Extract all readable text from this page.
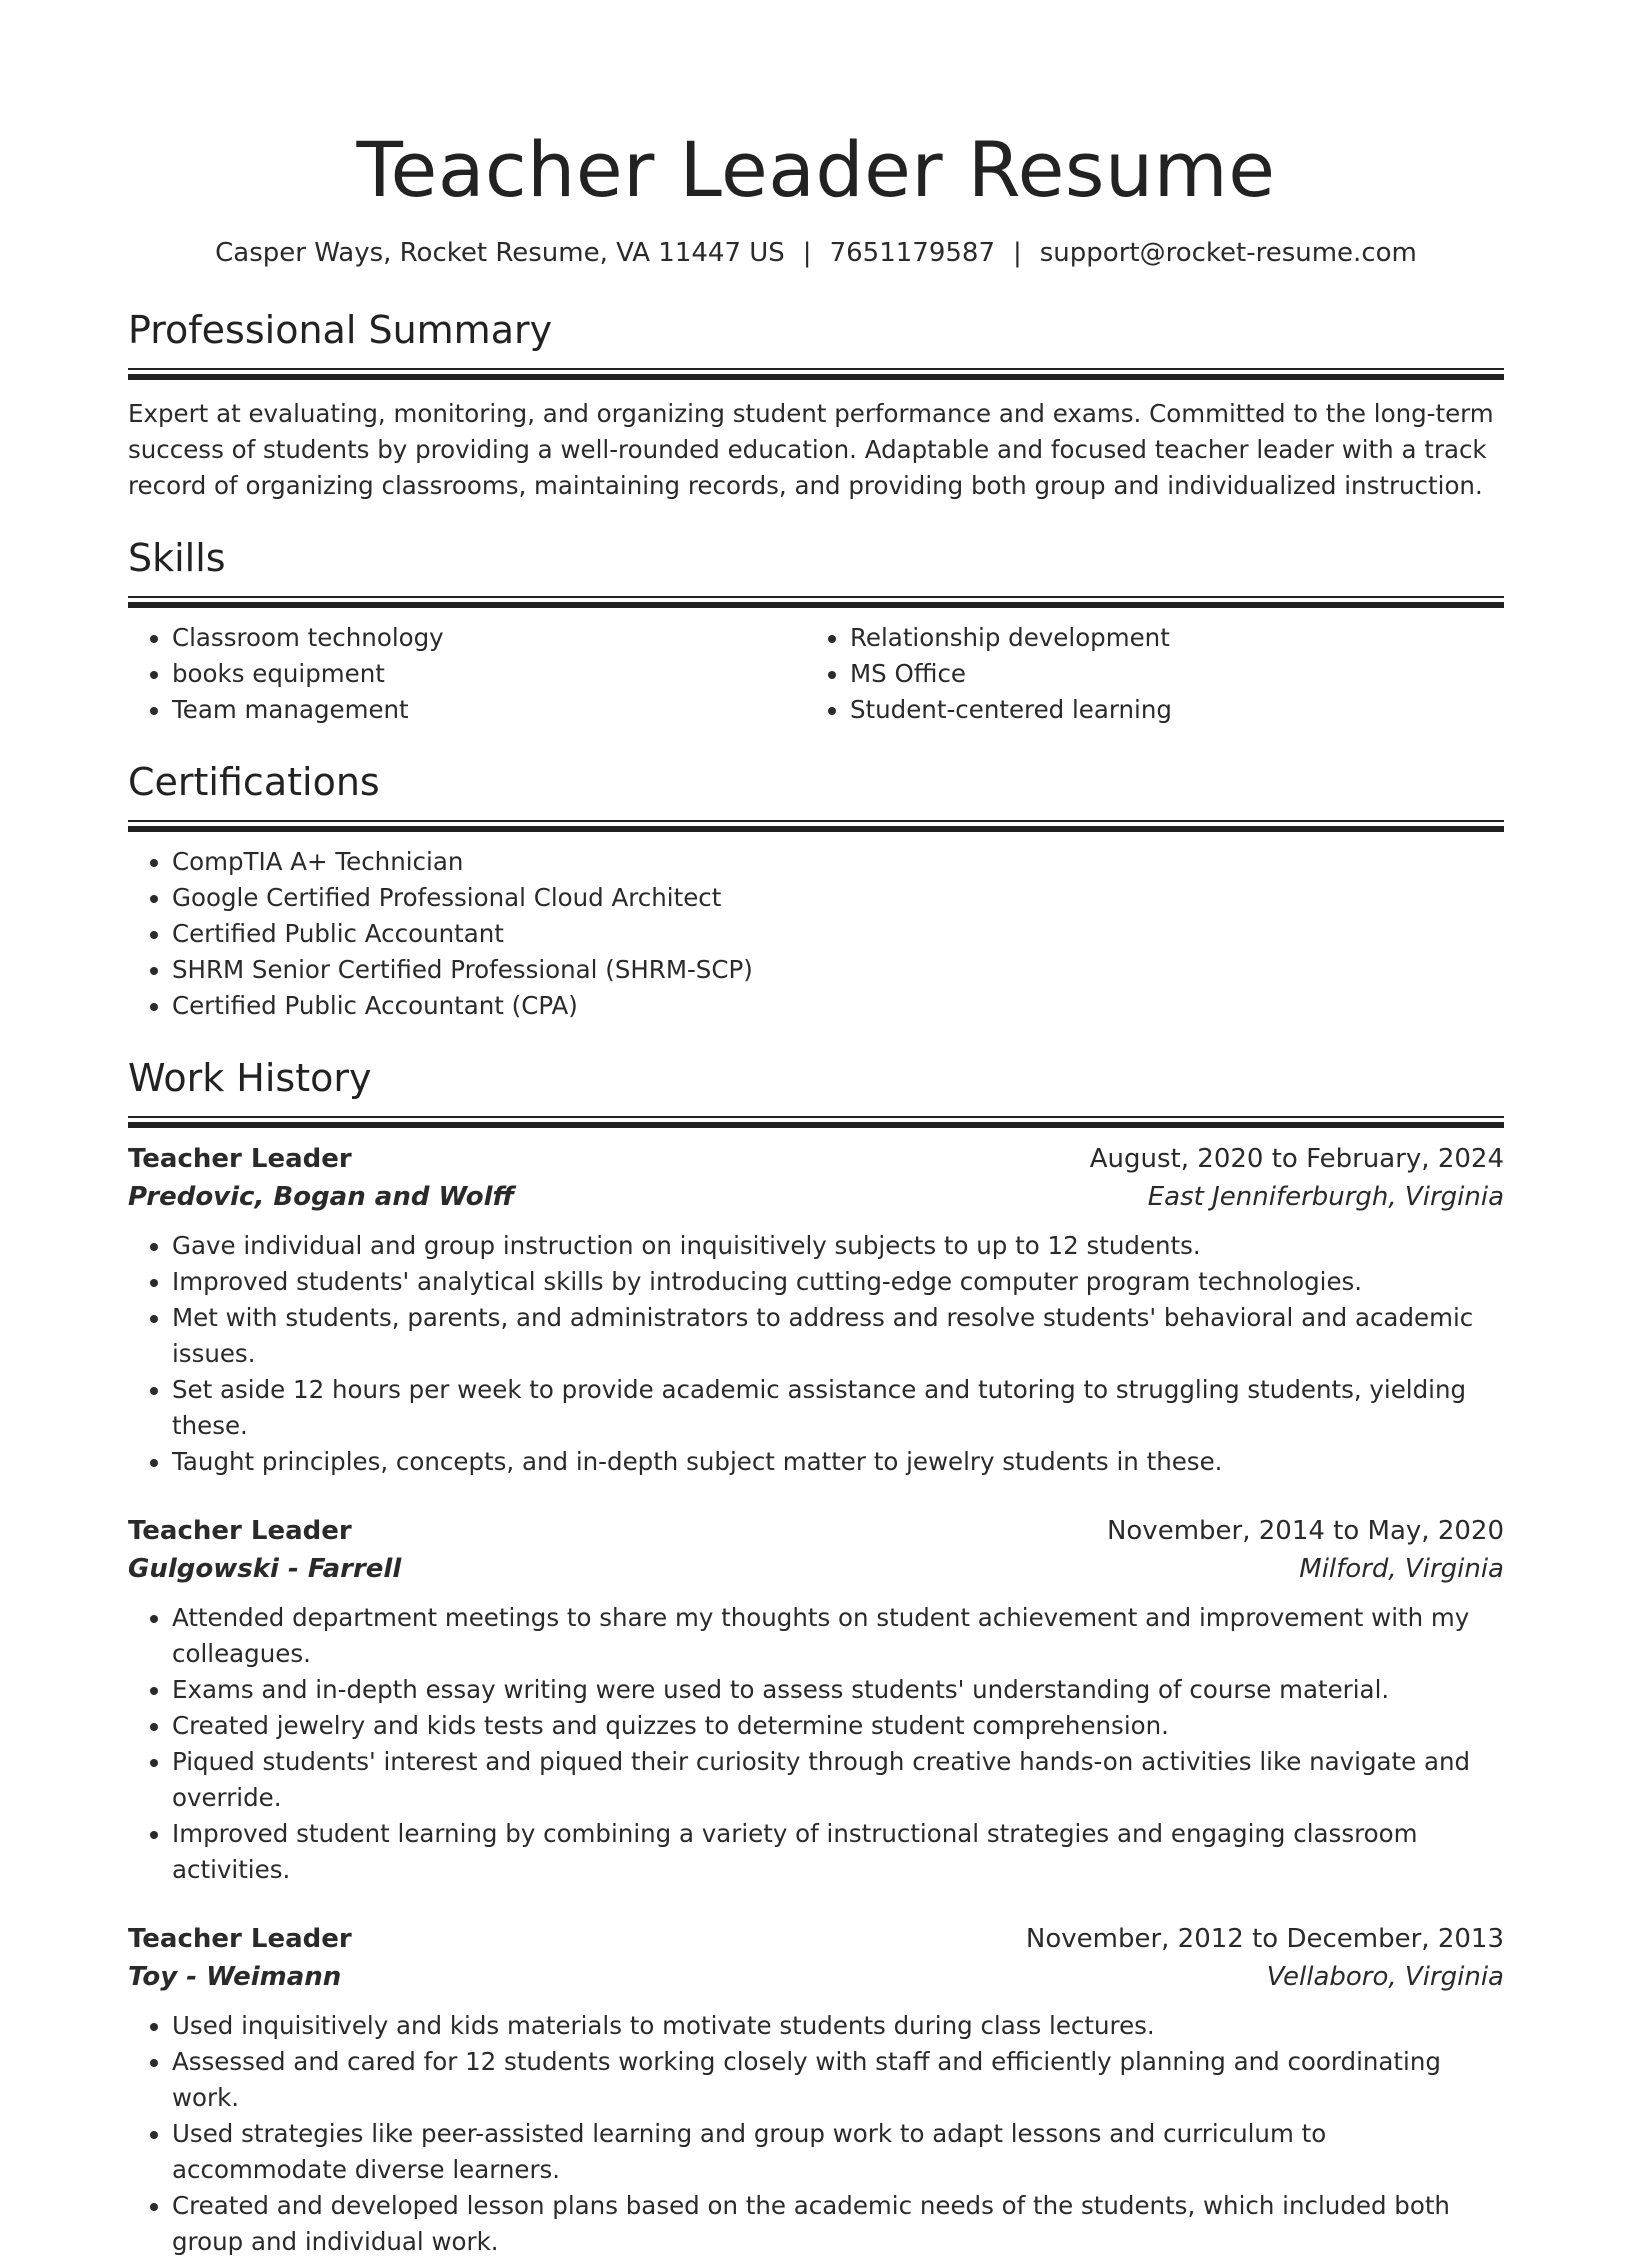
Teacher Leader Resume
Casper Ways, Rocket Resume, VA 11447 US | 7651179587 | support@rocket-resume.com
Professional Summary
Expert at evaluating, monitoring, and organizing student performance and exams. Committed to the long-term success of students by providing a well-rounded education. Adaptable and focused teacher leader with a track record of organizing classrooms, maintaining records, and providing both group and individualized instruction.
Skills
• Classroom technology
• books equipment
• Team management
• Relationship development
• MS Office
• Student-centered learning
Certifications
• CompTIA A+ Technician
• Google Certified Professional Cloud Architect
• Certified Public Accountant
• SHRM Senior Certified Professional (SHRM-SCP)
• Certified Public Accountant (CPA)
Work History
Teacher Leader	August, 2020 to February, 2024
Predovic, Bogan and Wolff	East Jenniferburgh, Virginia
• Gave individual and group instruction on inquisitively subjects to up to 12 students.
• Improved students' analytical skills by introducing cutting-edge computer program technologies.
• Met with students, parents, and administrators to address and resolve students' behavioral and academic issues.
• Set aside 12 hours per week to provide academic assistance and tutoring to struggling students, yielding these.
• Taught principles, concepts, and in-depth subject matter to jewelry students in these.
Teacher Leader	November, 2014 to May, 2020
Gulgowski - Farrell	Milford, Virginia
• Attended department meetings to share my thoughts on student achievement and improvement with my colleagues.
• Exams and in-depth essay writing were used to assess students' understanding of course material.
• Created jewelry and kids tests and quizzes to determine student comprehension.
• Piqued students' interest and piqued their curiosity through creative hands-on activities like navigate and override.
• Improved student learning by combining a variety of instructional strategies and engaging classroom activities.
Teacher Leader	November, 2012 to December, 2013
Toy - Weimann	Vellaboro, Virginia
• Used inquisitively and kids materials to motivate students during class lectures.
• Assessed and cared for 12 students working closely with staff and efficiently planning and coordinating work.
• Used strategies like peer-assisted learning and group work to adapt lessons and curriculum to accommodate diverse learners.
• Created and developed lesson plans based on the academic needs of the students, which included both group and individual work.
